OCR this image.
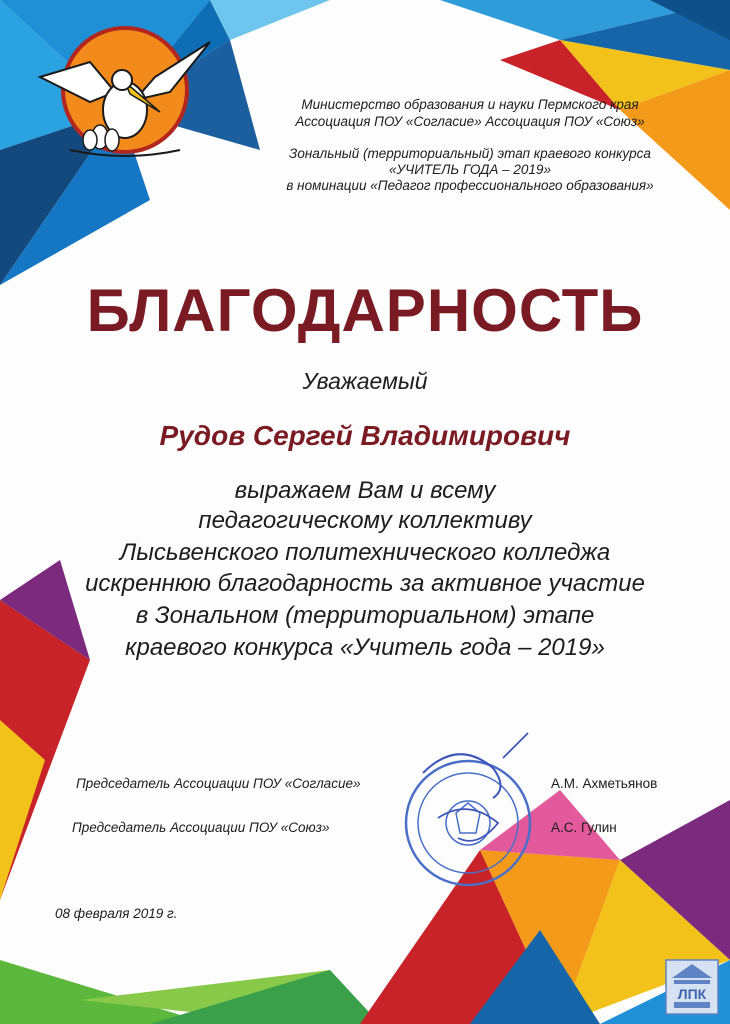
Министерство образования и науки Пермского края
Ассоциация ПОУ «Согласие» Ассоциация ПОУ «Союз»
Зональный (территориальный) этап краевого конкурса
«УЧИТЕЛЬ ГОДА – 2019»
в номинации «Педагог профессионального образования»
БЛАГОДАРНОСТЬ
Уважаемый
Рудов Сергей Владимирович
выражаем Вам и всему
педагогическому коллективу
Лысьвенского политехнического колледжа
искреннюю благодарность за активное участие
в Зональном (территориальном) этапе
краевого конкурса «Учитель года – 2019»
Председатель Ассоциации ПОУ «Согласие»	А.М. Ахметьянов
Председатель Ассоциации ПОУ «Союз»	А.С. Гулин
08 февраля 2019 г.
ЛПК
